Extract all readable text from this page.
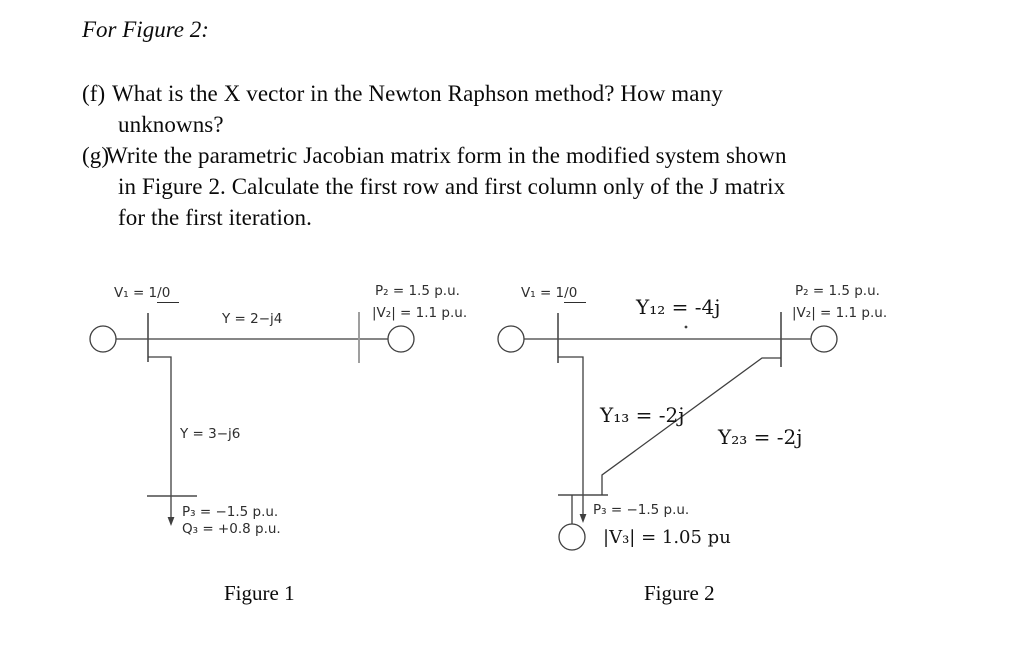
For Figure 2:
(f) What is the X vector in the Newton Raphson method? How many
unknowns?
(g)Write the parametric Jacobian matrix form in the modified system shown
in Figure 2. Calculate the first row and first column only of the J matrix
for the first iteration.
V₁ = 1/0
Y = 2−j4
P₂ = 1.5 p.u.
|V₂| = 1.1 p.u.
Y = 3−j6
P₃ = −1.5 p.u.
Q₃ = +0.8 p.u.
Figure 1
V₁ = 1/0
Y₁₂ = -4j
P₂ = 1.5 p.u.
|V₂| = 1.1 p.u.
Y₁₃ = -2j
Y₂₃ = -2j
P₃ = −1.5 p.u.
|V₃| = 1.05 pu
Figure 2
